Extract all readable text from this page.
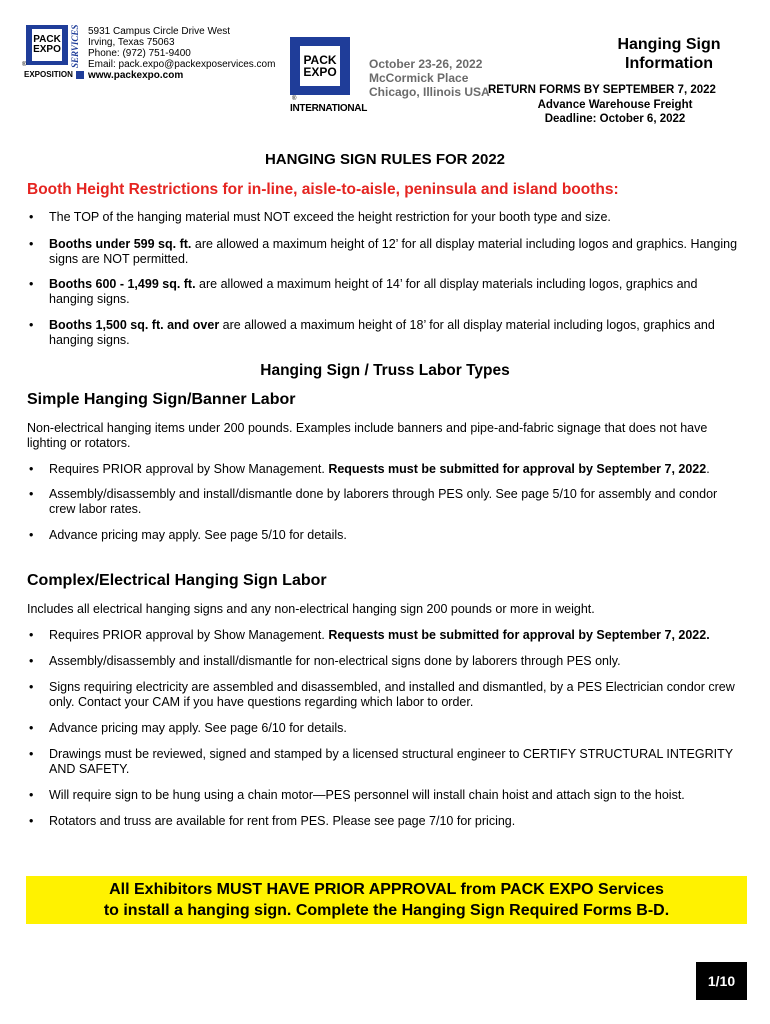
PACK
EXPO SERVICES
®
EXPOSITION
5931 Campus Circle Drive West
Irving, Texas 75063
Phone: (972) 751-9400
Email: pack.expo@packexposervices.com
www.packexpo.com
PACK
EXPO
®
INTERNATIONAL
October 23-26, 2022
McCormick Place
Chicago, Illinois USA
Hanging Sign
Information
RETURN FORMS BY SEPTEMBER 7, 2022
Advance Warehouse Freight
Deadline: October 6, 2022
HANGING SIGN RULES FOR 2022
Booth Height Restrictions for in-line, aisle-to-aisle, peninsula and island booths:
• The TOP of the hanging material must NOT exceed the height restriction for your booth type and size.
• Booths under 599 sq. ft. are allowed a maximum height of 12’ for all display material including logos and graphics. Hanging signs are NOT permitted.
• Booths 600 - 1,499 sq. ft. are allowed a maximum height of 14’ for all display materials including logos, graphics and hanging signs.
• Booths 1,500 sq. ft. and over are allowed a maximum height of 18’ for all display material including logos, graphics and hanging signs.
Hanging Sign / Truss Labor Types
Simple Hanging Sign/Banner Labor
Non-electrical hanging items under 200 pounds. Examples include banners and pipe-and-fabric signage that does not have lighting or rotators.
• Requires PRIOR approval by Show Management. Requests must be submitted for approval by September 7, 2022.
• Assembly/disassembly and install/dismantle done by laborers through PES only. See page 5/10 for assembly and condor crew labor rates.
• Advance pricing may apply. See page 5/10 for details.
Complex/Electrical Hanging Sign Labor
Includes all electrical hanging signs and any non-electrical hanging sign 200 pounds or more in weight.
• Requires PRIOR approval by Show Management. Requests must be submitted for approval by September 7, 2022.
• Assembly/disassembly and install/dismantle for non-electrical signs done by laborers through PES only.
• Signs requiring electricity are assembled and disassembled, and installed and dismantled, by a PES Electrician condor crew only. Contact your CAM if you have questions regarding which labor to order.
• Advance pricing may apply. See page 6/10 for details.
• Drawings must be reviewed, signed and stamped by a licensed structural engineer to CERTIFY STRUCTURAL INTEGRITY AND SAFETY.
• Will require sign to be hung using a chain motor—PES personnel will install chain hoist and attach sign to the hoist.
• Rotators and truss are available for rent from PES. Please see page 7/10 for pricing.
All Exhibitors MUST HAVE PRIOR APPROVAL from PACK EXPO Services
to install a hanging sign. Complete the Hanging Sign Required Forms B-D.
1/10
